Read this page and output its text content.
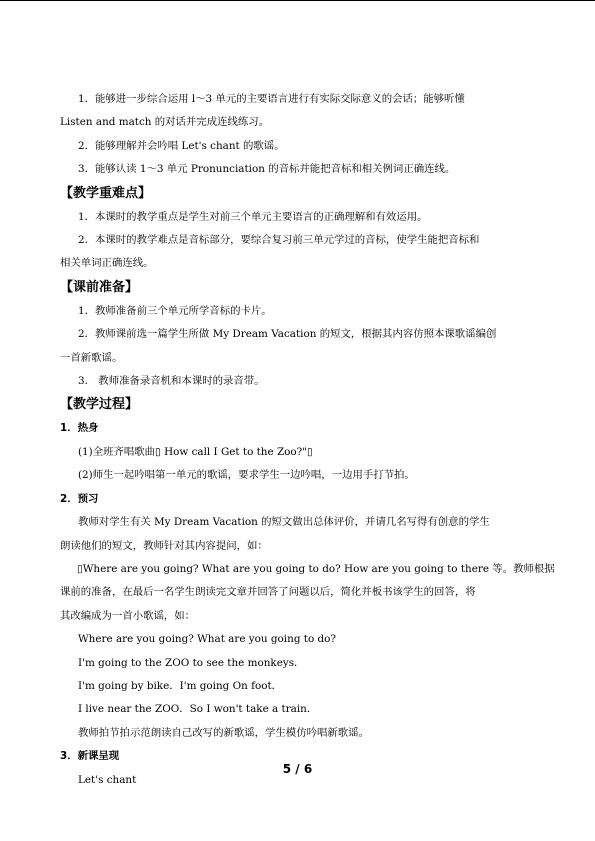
1．能够进一步综合运用 l～3 单元的主要语言进行有实际交际意义的会话；能够听懂

Listen and match 的对话并完成连线练习。

2．能够理解并会吟唱 Let's chant 的歌谣。

3．能够认读 1～3 单元 Pronunciation 的音标并能把音标和相关例词正确连线。

【教学重难点】

1．本课时的教学重点是学生对前三个单元主要语言的正确理解和有效运用。

2．本课时的教学难点是音标部分，要综合复习前三单元学过的音标，使学生能把音标和

相关单词正确连线。

【课前准备】

1．教师准备前三个单元所学音标的卡片。

2．教师课前选一篇学生所做 My Dream Vacation 的短文，根据其内容仿照本课歌谣编创

一首新歌谣。

3． 教师准备录音机和本课时的录音带。

【教学过程】

1．热身

(1)全班齐唱歌曲▯ How call I Get to the Zoo?"▯

(2)师生一起吟唱第一单元的歌谣，要求学生一边吟唱，一边用手打节拍。

2．预习

教师对学生有关 My Dream Vacation 的短文做出总体评价，并请几名写得有创意的学生

朗读他们的短文，教师针对其内容提问，如：

▯Where are you going? What are you going to do? How are you going to there 等。教师根据

课前的准备，在最后一名学生朗读完文章并回答了问题以后，简化并板书该学生的回答，将

其改编成为一首小歌谣，如：

Where are you going? What are you going to do?

I'm going to the ZOO to see the monkeys．

I'm going by bike．I'm going On foot．

I live near the ZOO．So I won't take a train．

教师拍节拍示范朗读自己改写的新歌谣，学生模仿吟唱新歌谣。

3．新课呈现

Let's chant

5 / 6
